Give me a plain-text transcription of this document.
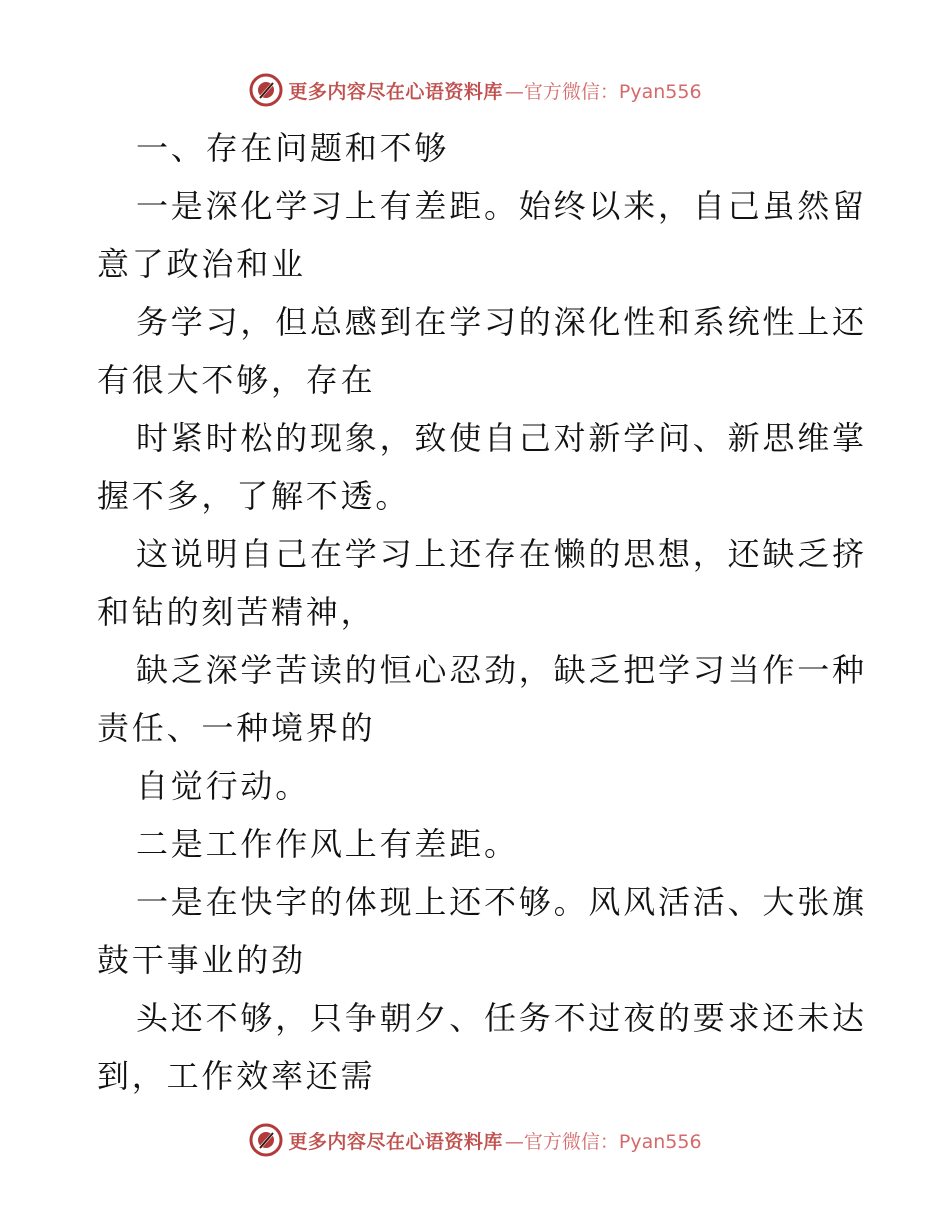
更多内容尽在心语资料库 —官方微信：Pyan556
一、存在问题和不够
一是深化学习上有差距。始终以来，自己虽然留
意了政治和业
务学习，但总感到在学习的深化性和系统性上还
有很大不够，存在
时紧时松的现象，致使自己对新学问、新思维掌
握不多，了解不透。
这说明自己在学习上还存在懒的思想，还缺乏挤
和钻的刻苦精神，
缺乏深学苦读的恒心忍劲，缺乏把学习当作一种
责任、一种境界的
自觉行动。
二是工作作风上有差距。
一是在快字的体现上还不够。风风活活、大张旗
鼓干事业的劲
头还不够，只争朝夕、任务不过夜的要求还未达
到，工作效率还需
更多内容尽在心语资料库 —官方微信：Pyan556
